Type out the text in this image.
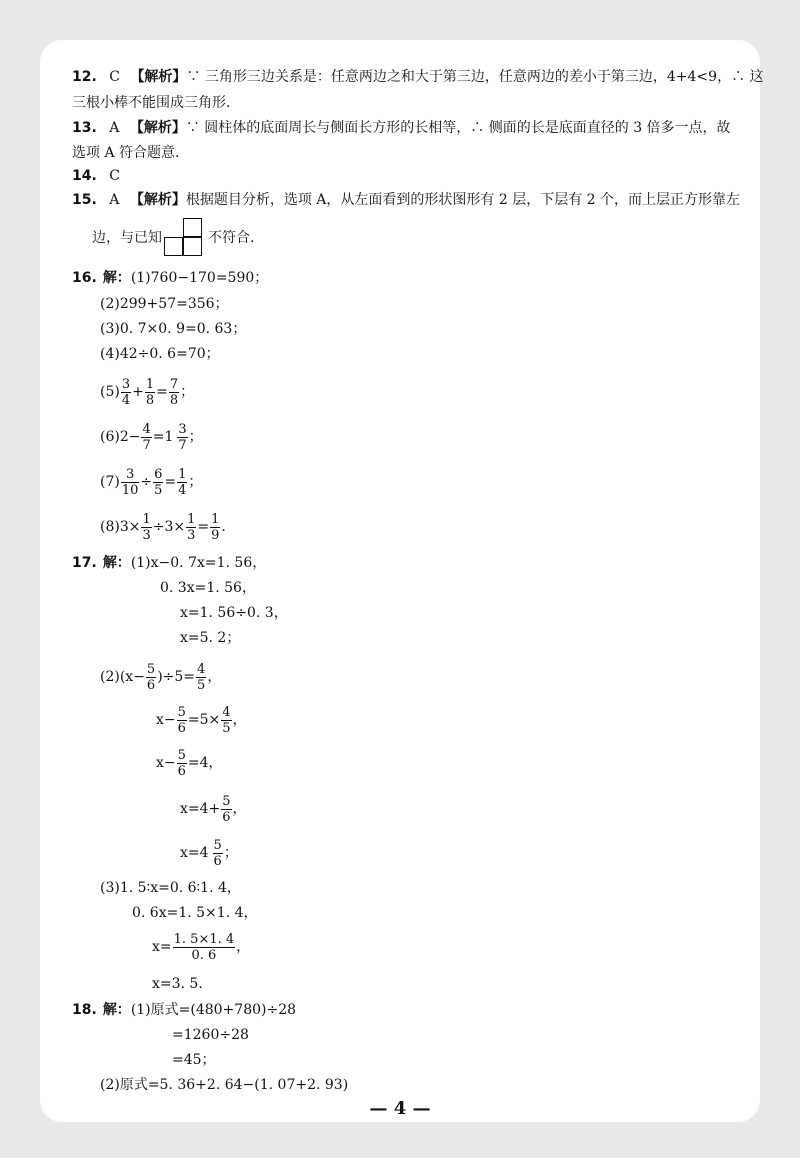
12. C 【解析】∵ 三角形三边关系是：任意两边之和大于第三边，任意两边的差小于第三边，4+4<9，∴ 这
三根小棒不能围成三角形.
13. A 【解析】∵ 圆柱体的底面周长与侧面长方形的长相等，∴ 侧面的长是底面直径的 3 倍多一点，故
选项 A 符合题意.
14. C
15. A 【解析】根据题目分析，选项 A，从左面看到的形状图形有 2 层，下层有 2 个，而上层正方形靠左
边，与已知	不符合.
16. 解：(1)760−170=590；
(2)299+57=356；
(3)0. 7×0. 9=0. 63；
(4)42÷0. 6=70；
$(5) \frac{3}{4} + \frac{1}{8} = \frac{7}{8}$ ；
$(6)2- \frac{4}{7} =1 \frac{3}{7}$ ；
$(7) \frac{3}{10} \div \frac{6}{5} = \frac{1}{4}$ ；
$(8)3\times \frac{1}{3} \div 3\times \frac{1}{3} = \frac{1}{9}$ .
17. 解：(1)x−0. 7x=1. 56，
0. 3x=1. 56，
x=1. 56÷0. 3，
x=5. 2；
$(2)(x- \frac{5}{6} )\div 5= \frac{4}{5}$ ，
$x- \frac{5}{6} =5\times \frac{4}{5}$ ，
$x- \frac{5}{6} =4$，
$x=4+ \frac{5}{6}$ ，
$x=4 \frac{5}{6}$ ；
(3)1. 5∶x=0. 6∶1. 4，
0. 6x=1. 5×1. 4，
$x= \frac{1. 5\times 1. 4}{0. 6}$ ，
x=3. 5.
18. 解：(1)原式=(480+780)÷28
=1260÷28
=45；
(2)原式=5. 36+2. 64−(1. 07+2. 93)
— 4 —
